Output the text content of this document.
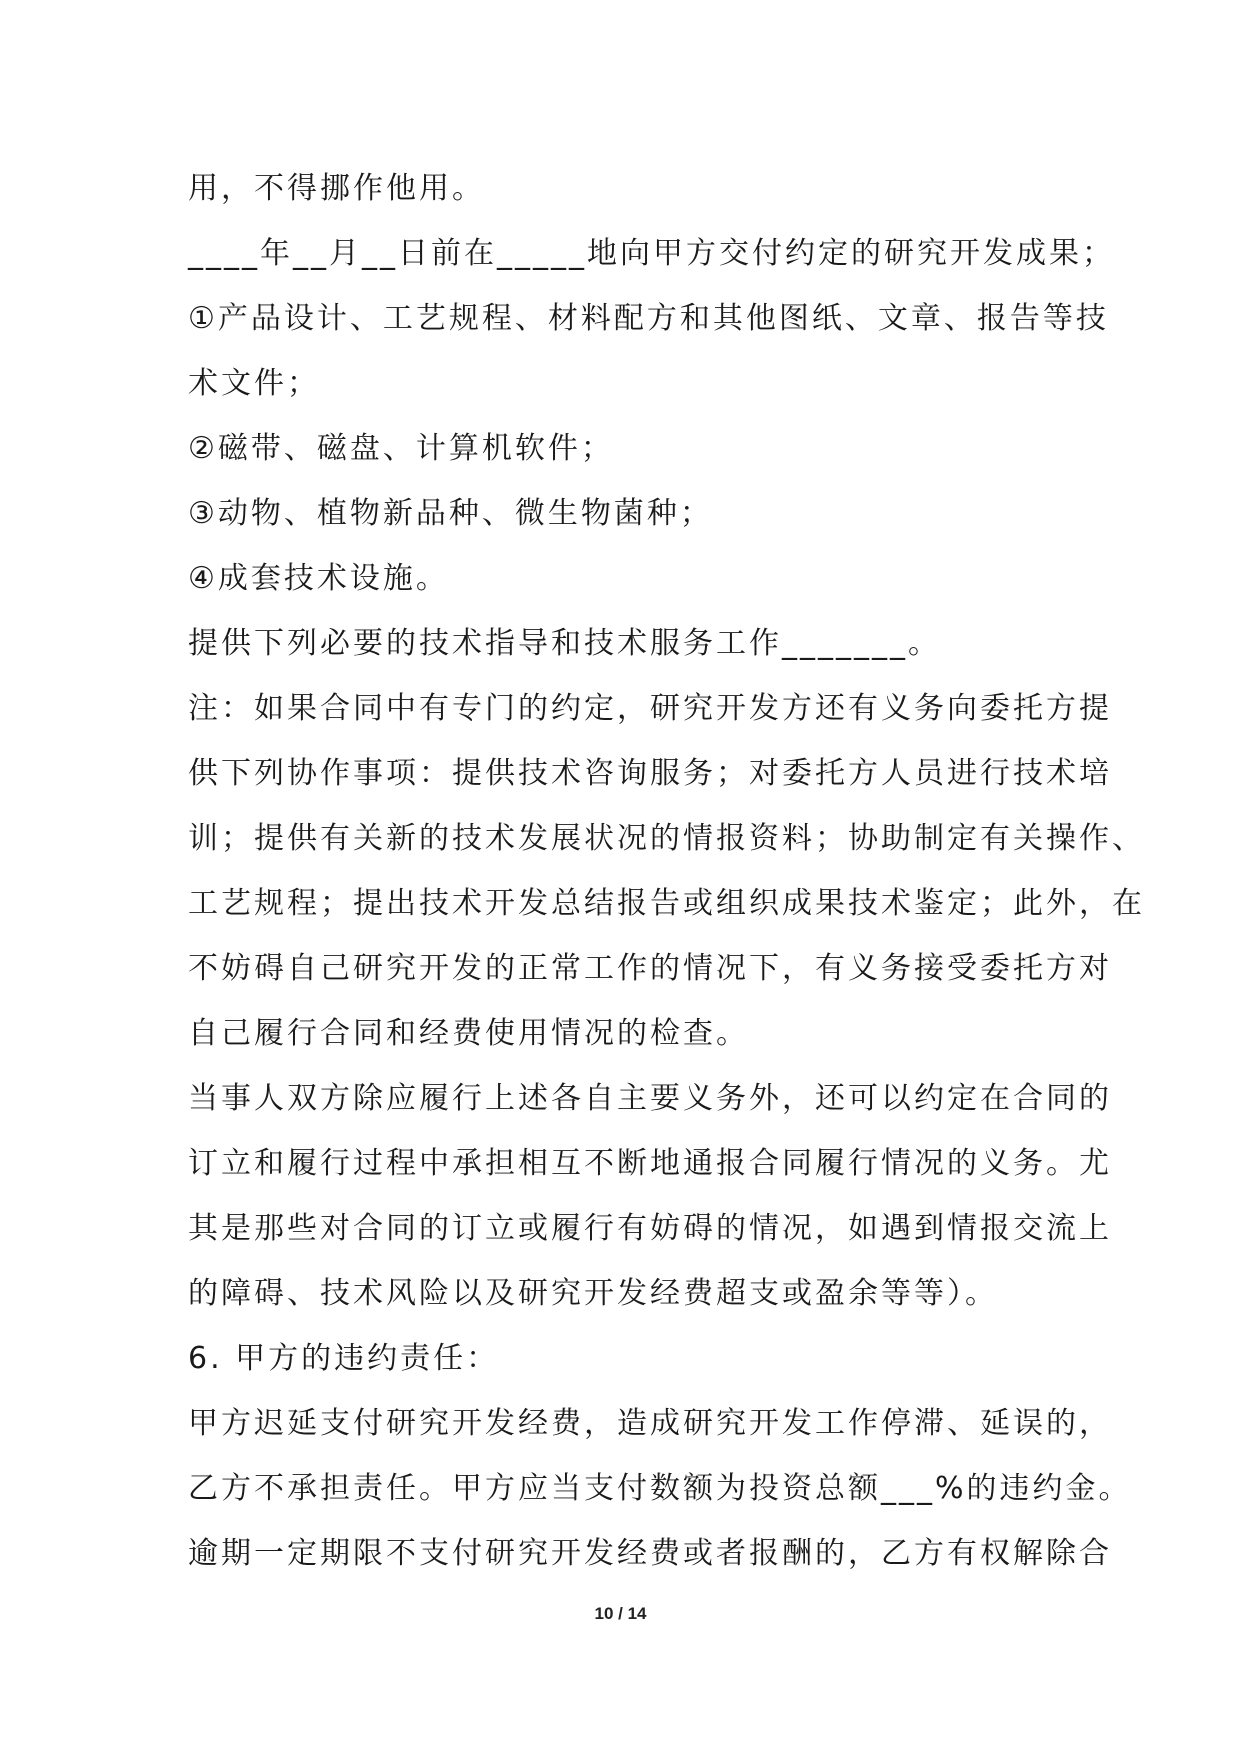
用，不得挪作他用。
____年__月__日前在_____地向甲方交付约定的研究开发成果；
①产品设计、工艺规程、材料配方和其他图纸、文章、报告等技
术文件；
②磁带、磁盘、计算机软件；
③动物、植物新品种、微生物菌种；
④成套技术设施。
提供下列必要的技术指导和技术服务工作_______。
注：如果合同中有专门的约定，研究开发方还有义务向委托方提
供下列协作事项：提供技术咨询服务；对委托方人员进行技术培
训；提供有关新的技术发展状况的情报资料；协助制定有关操作、
工艺规程；提出技术开发总结报告或组织成果技术鉴定；此外，在
不妨碍自己研究开发的正常工作的情况下，有义务接受委托方对
自己履行合同和经费使用情况的检查。
当事人双方除应履行上述各自主要义务外，还可以约定在合同的
订立和履行过程中承担相互不断地通报合同履行情况的义务。尤
其是那些对合同的订立或履行有妨碍的情况，如遇到情报交流上
的障碍、技术风险以及研究开发经费超支或盈余等等）。
6. 甲方的违约责任：
甲方迟延支付研究开发经费，造成研究开发工作停滞、延误的，
乙方不承担责任。甲方应当支付数额为投资总额___%的违约金。
逾期一定期限不支付研究开发经费或者报酬的，乙方有权解除合
10 / 14
